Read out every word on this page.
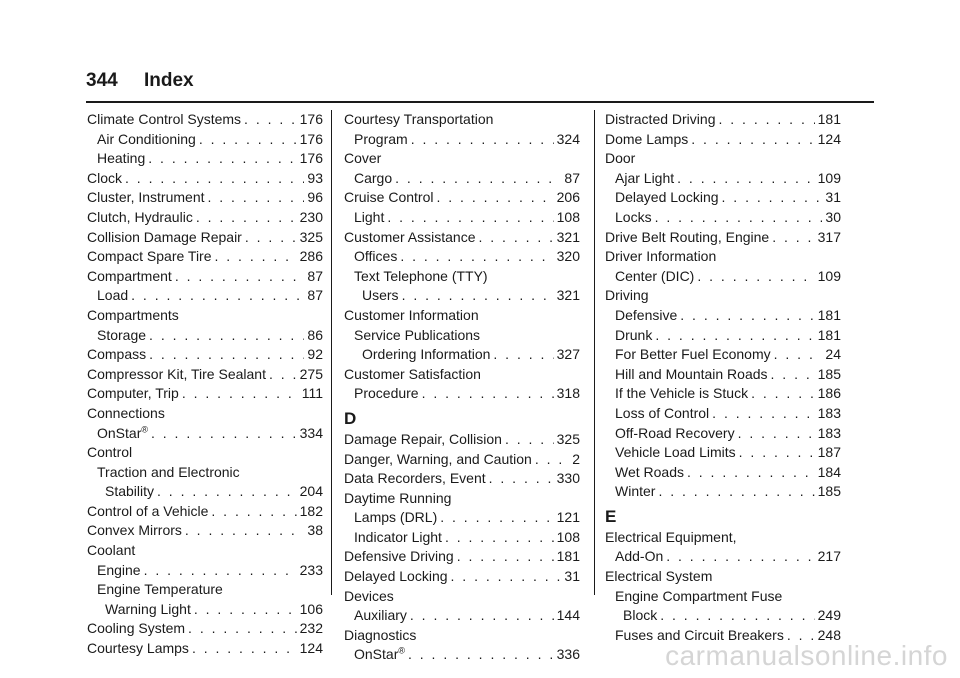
344 Index
Climate Control Systems . . .	176
Air Conditioning . . .	176
Heating . . .	176
Clock . . .	93
Cluster, Instrument . . .	96
Clutch, Hydraulic . . .	230
Collision Damage Repair . . .	325
Compact Spare Tire . . .	286
Compartment . . .	87
Load . . .	87
Compartments
Storage . . .	86
Compass . . .	92
Compressor Kit, Tire Sealant . . . 275
Computer, Trip . . .	111
Connections
OnStar® . . .	334
Control
Traction and Electronic
Stability . . .	204
Control of a Vehicle . . .	182
Convex Mirrors . . .	38
Coolant
Engine . . .	233
Engine Temperature
Warning Light . . .	106
Cooling System . . .	232
Courtesy Lamps . . .	124
Courtesy Transportation
Program . . .	324
Cover
Cargo . . .	87
Cruise Control . . .	206
Light . . .	108
Customer Assistance . . .	321
Offices . . .	320
Text Telephone (TTY)
Users . . .	321
Customer Information
Service Publications
Ordering Information . . .	327
Customer Satisfaction
Procedure . . .	318
D
Damage Repair, Collision . . .	325
Danger, Warning, and Caution . . .	2
Data Recorders, Event . . .	330
Daytime Running
Lamps (DRL) . . .	121
Indicator Light . . .	108
Defensive Driving . . .	181
Delayed Locking . . .	31
Devices
Auxiliary . . .	144
Diagnostics
OnStar® . . .	336
Distracted Driving . . .	181
Dome Lamps . . .	124
Door
Ajar Light . . .	109
Delayed Locking . . .	31
Locks . . .	30
Drive Belt Routing, Engine . . .	317
Driver Information
Center (DIC) . . .	109
Driving
Defensive . . .	181
Drunk . . .	181
For Better Fuel Economy . . .	24
Hill and Mountain Roads . . .	185
If the Vehicle is Stuck . . .	186
Loss of Control . . .	183
Off-Road Recovery . . .	183
Vehicle Load Limits . . .	187
Wet Roads . . .	184
Winter . . .	185
E
Electrical Equipment,
Add-On . . .	217
Electrical System
Engine Compartment Fuse
Block . . .	249
Fuses and Circuit Breakers . . . 248
carmanualsonline.info
